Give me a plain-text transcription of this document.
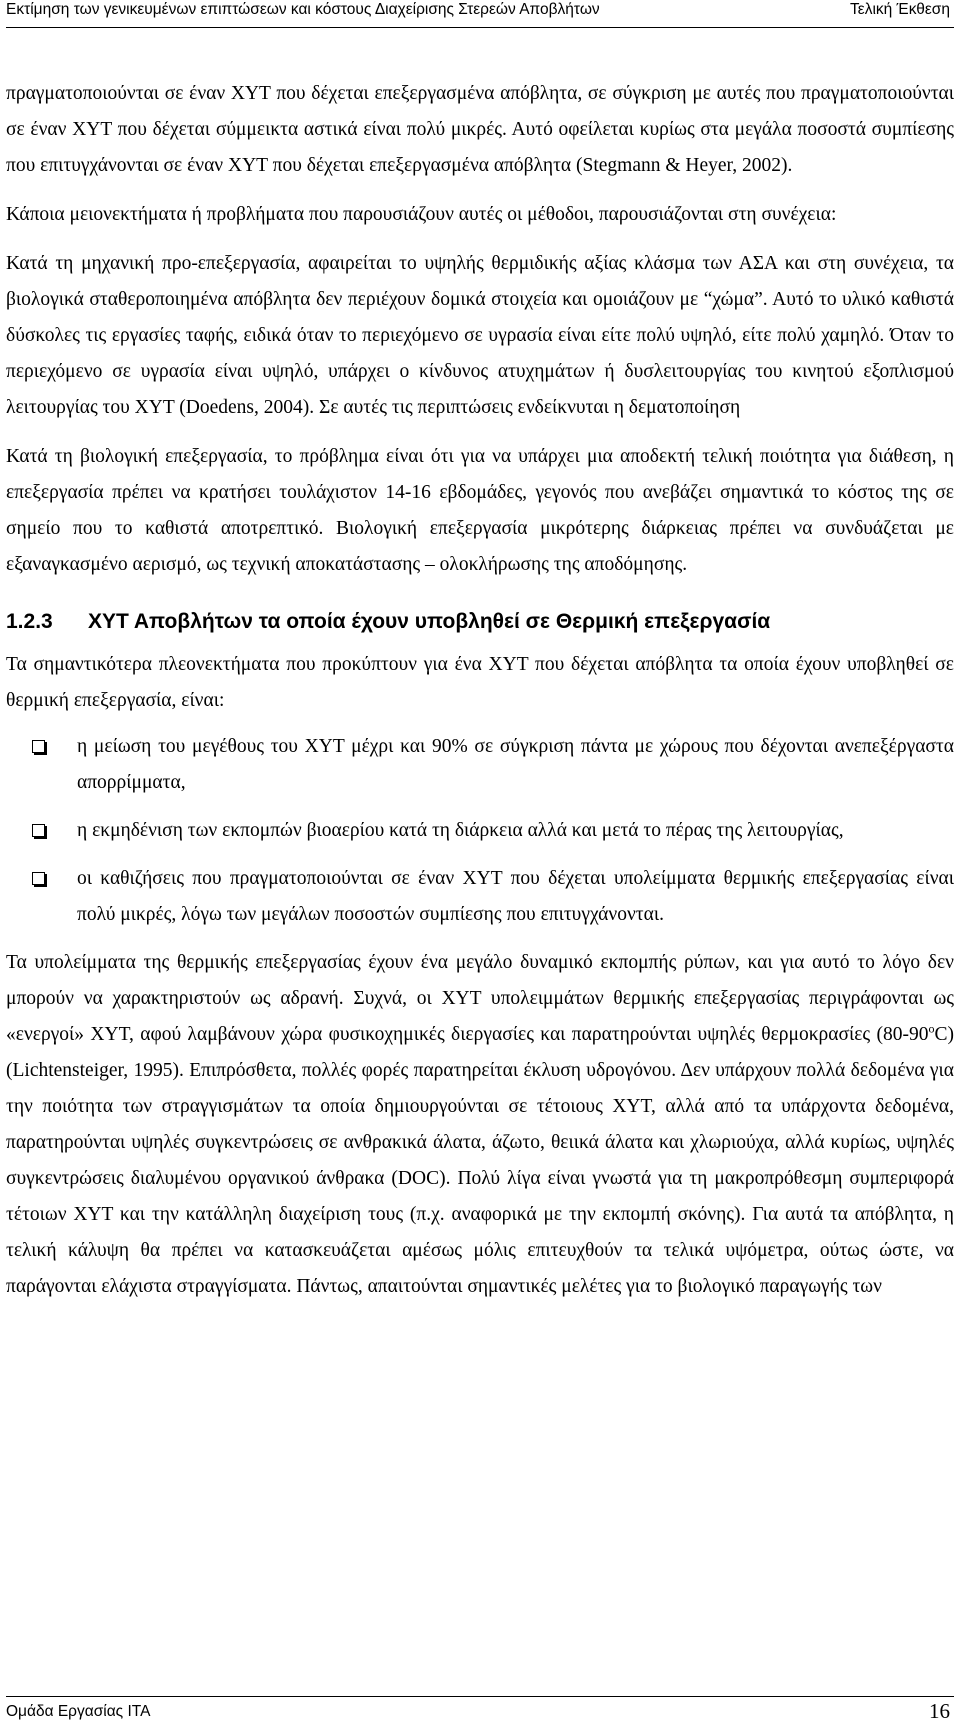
Εκτίμηση των γενικευμένων επιπτώσεων και κόστους Διαχείρισης Στερεών Αποβλήτων	Τελική Έκθεση

πραγματοποιούνται σε έναν ΧΥΤ που δέχεται επεξεργασμένα απόβλητα, σε σύγκριση με αυτές που πραγματοποιούνται σε έναν ΧΥΤ που δέχεται σύμμεικτα αστικά είναι πολύ μικρές. Αυτό οφείλεται κυρίως στα μεγάλα ποσοστά συμπίεσης που επιτυγχάνονται σε έναν ΧΥΤ που δέχεται επεξεργασμένα απόβλητα (Stegmann & Heyer, 2002).

Κάποια μειονεκτήματα ή προβλήματα που παρουσιάζουν αυτές οι μέθοδοι, παρουσιάζονται στη συνέχεια:

Κατά τη μηχανική προ-επεξεργασία, αφαιρείται το υψηλής θερμιδικής αξίας κλάσμα των ΑΣΑ και στη συνέχεια, τα βιολογικά σταθεροποιημένα απόβλητα δεν περιέχουν δομικά στοιχεία και ομοιάζουν με “χώμα”. Αυτό το υλικό καθιστά δύσκολες τις εργασίες ταφής, ειδικά όταν το περιεχόμενο σε υγρασία είναι είτε πολύ υψηλό, είτε πολύ χαμηλό. Όταν το περιεχόμενο σε υγρασία είναι υψηλό, υπάρχει ο κίνδυνος ατυχημάτων ή δυσλειτουργίας του κινητού εξοπλισμού λειτουργίας του ΧΥΤ (Doedens, 2004). Σε αυτές τις περιπτώσεις ενδείκνυται η δεματοποίηση

Κατά τη βιολογική επεξεργασία, το πρόβλημα είναι ότι για να υπάρχει μια αποδεκτή τελική ποιότητα για διάθεση, η επεξεργασία πρέπει να κρατήσει τουλάχιστον 14-16 εβδομάδες, γεγονός που ανεβάζει σημαντικά το κόστος της σε σημείο που το καθιστά αποτρεπτικό. Βιολογική επεξεργασία μικρότερης διάρκειας πρέπει να συνδυάζεται με εξαναγκασμένο αερισμό, ως τεχνική αποκατάστασης – ολοκλήρωσης της αποδόμησης.

1.2.3	ΧΥΤ Αποβλήτων τα οποία έχουν υποβληθεί σε Θερμική επεξεργασία

Τα σημαντικότερα πλεονεκτήματα που προκύπτουν για ένα ΧΥΤ που δέχεται απόβλητα τα οποία έχουν υποβληθεί σε θερμική επεξεργασία, είναι:

η μείωση του μεγέθους του ΧΥΤ μέχρι και 90% σε σύγκριση πάντα με χώρους που δέχονται ανεπεξέργαστα απορρίμματα,
η εκμηδένιση των εκπομπών βιοαερίου κατά τη διάρκεια αλλά και μετά το πέρας της λειτουργίας,
οι καθιζήσεις που πραγματοποιούνται σε έναν ΧΥΤ που δέχεται υπολείμματα θερμικής επεξεργασίας είναι πολύ μικρές, λόγω των μεγάλων ποσοστών συμπίεσης που επιτυγχάνονται.

Τα υπολείμματα της θερμικής επεξεργασίας έχουν ένα μεγάλο δυναμικό εκπομπής ρύπων, και για αυτό το λόγο δεν μπορούν να χαρακτηριστούν ως αδρανή. Συχνά, οι ΧΥΤ υπολειμμάτων θερμικής επεξεργασίας περιγράφονται ως «ενεργοί» ΧΥΤ, αφού λαμβάνουν χώρα φυσικοχημικές διεργασίες και παρατηρούνται υψηλές θερμοκρασίες (80-90$^o$C) (Lichtensteiger, 1995). Επιπρόσθετα, πολλές φορές παρατηρείται έκλυση υδρογόνου. Δεν υπάρχουν πολλά δεδομένα για την ποιότητα των στραγγισμάτων τα οποία δημιουργούνται σε τέτοιους ΧΥΤ, αλλά από τα υπάρχοντα δεδομένα, παρατηρούνται υψηλές συγκεντρώσεις σε ανθρακικά άλατα, άζωτο, θειικά άλατα και χλωριούχα, αλλά κυρίως, υψηλές συγκεντρώσεις διαλυμένου οργανικού άνθρακα (DOC). Πολύ λίγα είναι γνωστά για τη μακροπρόθεσμη συμπεριφορά τέτοιων ΧΥΤ και την κατάλληλη διαχείριση τους (π.χ. αναφορικά με την εκπομπή σκόνης). Για αυτά τα απόβλητα, η τελική κάλυψη θα πρέπει να κατασκευάζεται αμέσως μόλις επιτευχθούν τα τελικά υψόμετρα, ούτως ώστε, να παράγονται ελάχιστα στραγγίσματα. Πάντως, απαιτούνται σημαντικές μελέτες για το βιολογικό παραγωγής των

Ομάδα Εργασίας ΙΤΑ	16
